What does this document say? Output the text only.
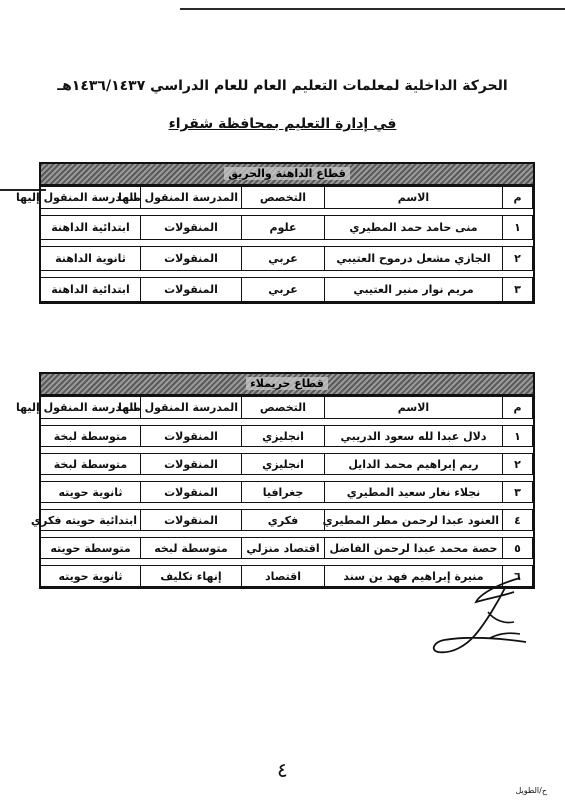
الحركة الداخلية لمعلمات التعليم العام للعام الدراسي ١٤٣٦/١٤٣٧هـ
في إدارة التعليم بمحافظة شقراء
قطاع الداهنة والحريق
م	الاسم	التخصص	المدرسة المنقول منها	المدرسة المنقول إليها

١	منى حامد حمد المطيري	علوم	المنقولات	ابتدائية الداهنة

٢	الجازي مشعل درموح العتيبي	عربي	المنقولات	ثانوية الداهنة

٣	مريم نوار منير العتيبي	عربي	المنقولات	ابتدائية الداهنة
قطاع حريملاء
م	الاسم	التخصص	المدرسة المنقول منها	المدرسة المنقول إليها

١	دلال عبدا لله سعود الدريبي	انجليزي	المنقولات	متوسطة لبخة

٢	ريم إبراهيم محمد الدايل	انجليزي	المنقولات	متوسطة لبخة

٣	نجلاء نغار سعيد المطيري	جغرافيا	المنقولات	ثانوية حويته

٤	العنود عبدا لرحمن مطر المطيري	فكري	المنقولات	ابتدائية حويته فكري

٥	حصة محمد عبدا لرحمن الفاضل	اقتصاد منزلي	متوسطة لبخه	متوسطة حويته

٦	منيرة إبراهيم فهد بن سند	اقتصاد	إنهاء تكليف	ثانوية حويته
٤
ح/الطويل
